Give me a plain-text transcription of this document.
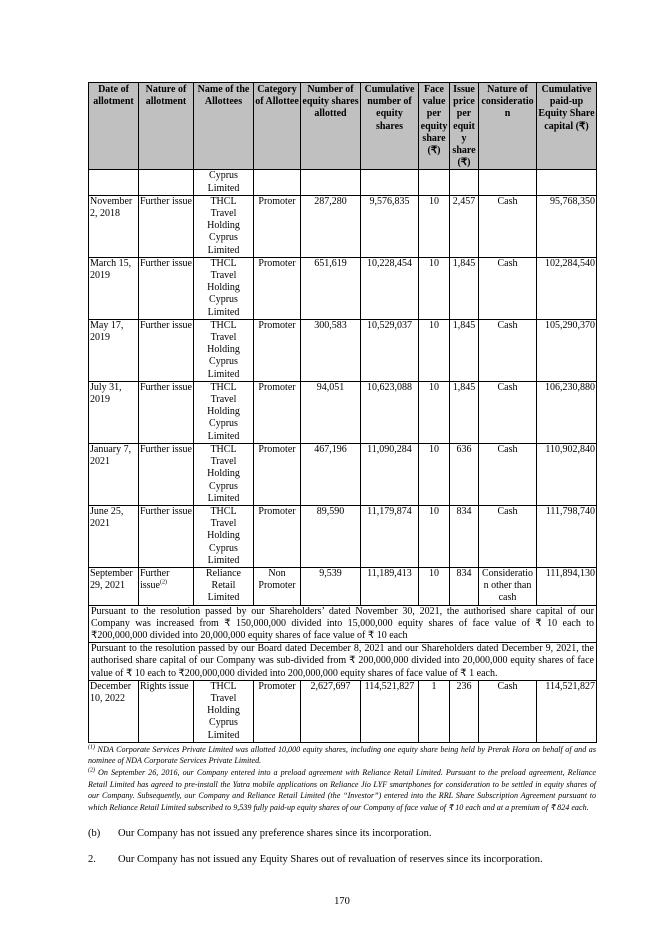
Date of allotment	Nature of allotment	Name of the Allottees	Category of Allottee	Number of equity shares allotted	Cumulative number of equity shares	Face value per equity share (₹)	Issue price per equity share (₹)	Nature of consideration	Cumulative paid-up Equity Share capital (₹)
		Cyprus Limited							
November 2, 2018	Further issue	THCL Travel Holding Cyprus Limited	Promoter	287,280	9,576,835	10	2,457	Cash	95,768,350
March 15, 2019	Further issue	THCL Travel Holding Cyprus Limited	Promoter	651,619	10,228,454	10	1,845	Cash	102,284,540
May 17, 2019	Further issue	THCL Travel Holding Cyprus Limited	Promoter	300,583	10,529,037	10	1,845	Cash	105,290,370
July 31, 2019	Further issue	THCL Travel Holding Cyprus Limited	Promoter	94,051	10,623,088	10	1,845	Cash	106,230,880
January 7, 2021	Further issue	THCL Travel Holding Cyprus Limited	Promoter	467,196	11,090,284	10	636	Cash	110,902,840
June 25, 2021	Further issue	THCL Travel Holding Cyprus Limited	Promoter	89,590	11,179,874	10	834	Cash	111,798,740
September 29, 2021	Further issue$^{(2)}$	Reliance Retail Limited	Non Promoter	9,539	11,189,413	10	834	Consideration other than cash	111,894,130
Pursuant to the resolution passed by our Shareholders’ dated November 30, 2021, the authorised share capital of our Company was increased from ₹ 150,000,000 divided into 15,000,000 equity shares of face value of ₹ 10 each to ₹200,000,000 divided into 20,000,000 equity shares of face value of ₹ 10 each									
Pursuant to the resolution passed by our Board dated December 8, 2021 and our Shareholders dated December 9, 2021, the authorised share capital of our Company was sub-divided from ₹ 200,000,000 divided into 20,000,000 equity shares of face value of ₹ 10 each to ₹200,000,000 divided into 200,000,000 equity shares of face value of ₹ 1 each.									
December 10, 2022	Rights issue	THCL Travel Holding Cyprus Limited	Promoter	2,627,697	114,521,827	1	236	Cash	114,521,827
$^{(1)}$ NDA Corporate Services Private Limited was allotted 10,000 equity shares, including one equity share being held by Prerak Hora on behalf of and as nominee of NDA Corporate Services Private Limited.
$^{(2)}$ On September 26, 2016, our Company entered into a preload agreement with Reliance Retail Limited. Pursuant to the preload agreement, Reliance Retail Limited has agreed to pre-install the Yatra mobile applications on Reliance Jio LYF smartphones for consideration to be settled in equity shares of our Company. Subsequently, our Company and Reliance Retail Limited (the “Investor”) entered into the RRL Share Subscription Agreement pursuant to which Reliance Retail Limited subscribed to 9,539 fully paid-up equity shares of our Company of face value of ₹ 10 each and at a premium of ₹ 824 each.
(b) Our Company has not issued any preference shares since its incorporation.
2. Our Company has not issued any Equity Shares out of revaluation of reserves since its incorporation.
170
